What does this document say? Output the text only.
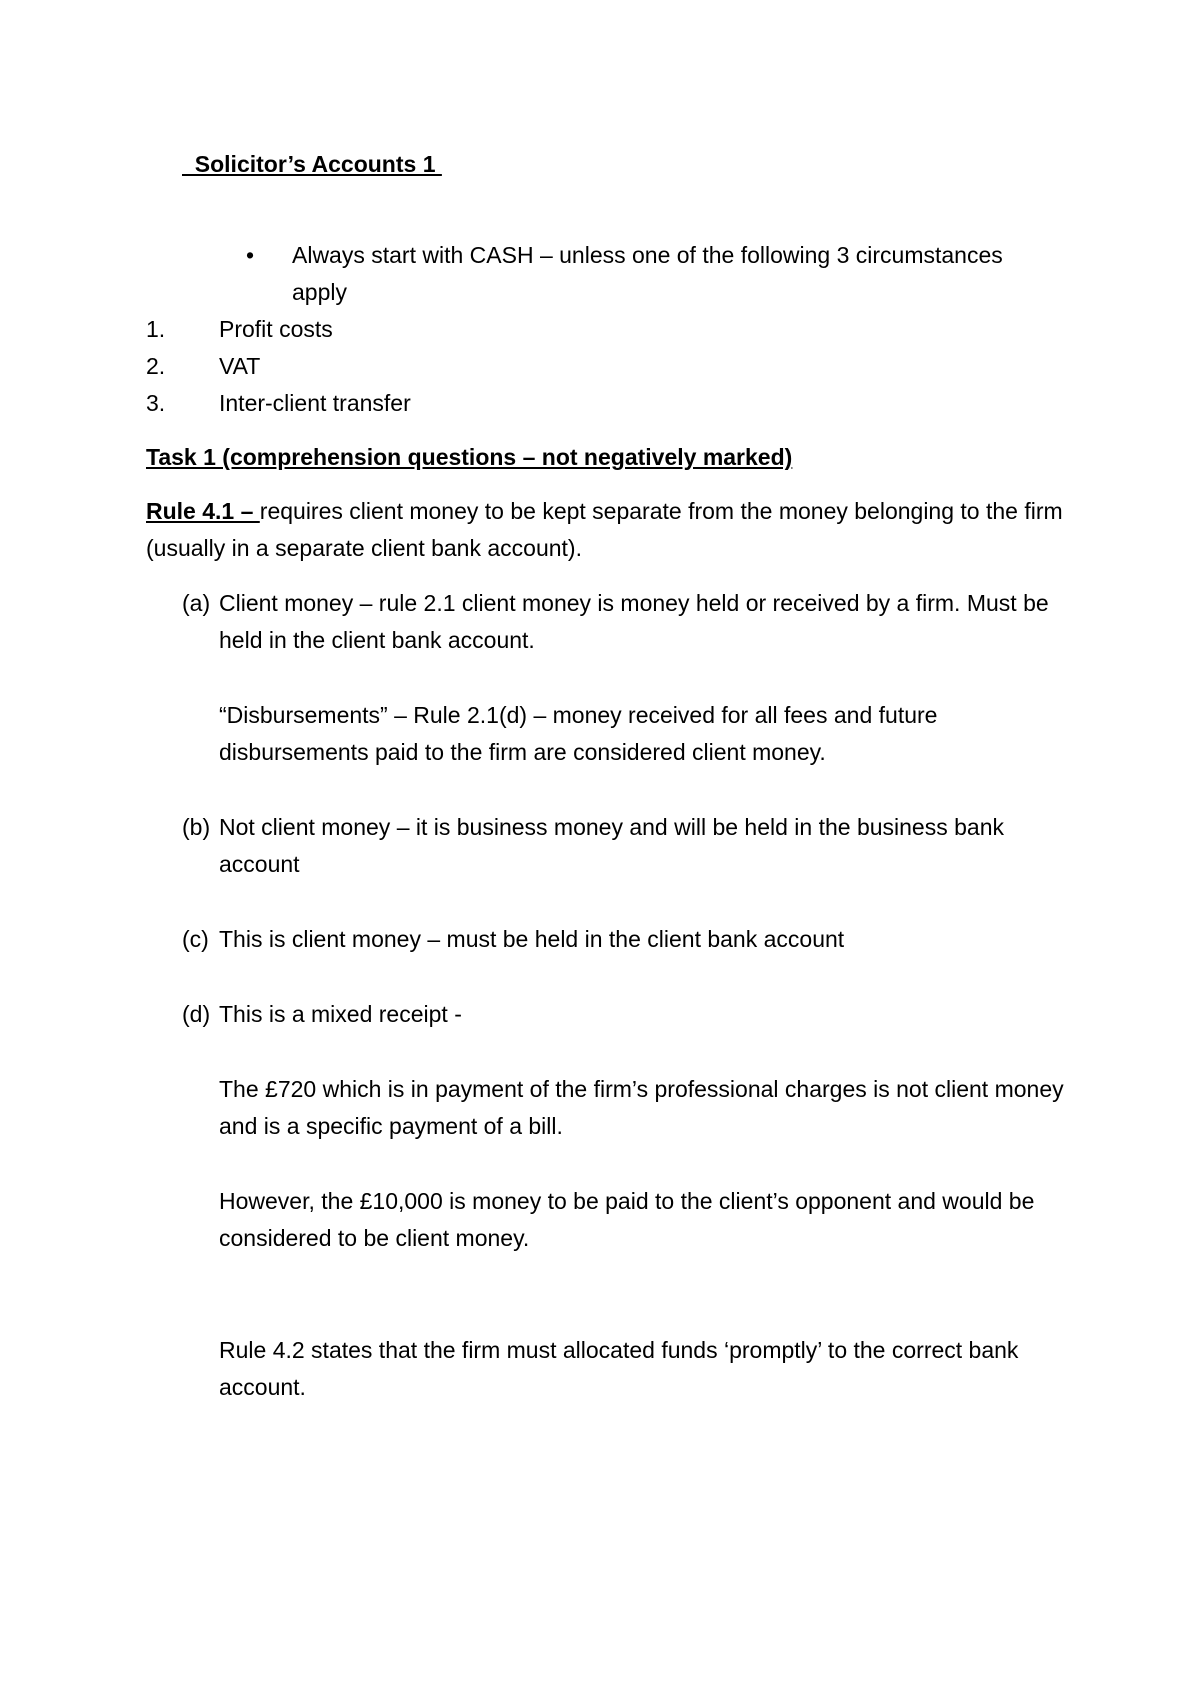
Solicitor’s Accounts 1
•	Always start with CASH – unless one of the following 3 circumstances apply
1.	Profit costs
2.	VAT
3.	Inter-client transfer
Task 1 (comprehension questions – not negatively marked)
Rule 4.1 – requires client money to be kept separate from the money belonging to the firm (usually in a separate client bank account).
(a) Client money – rule 2.1 client money is money held or received by a firm. Must be held in the client bank account.
“Disbursements” – Rule 2.1(d) – money received for all fees and future disbursements paid to the firm are considered client money.
(b) Not client money – it is business money and will be held in the business bank account
(c) This is client money – must be held in the client bank account
(d) This is a mixed receipt -
The £720 which is in payment of the firm’s professional charges is not client money and is a specific payment of a bill.
However, the £10,000 is money to be paid to the client’s opponent and would be considered to be client money.
Rule 4.2 states that the firm must allocated funds ‘promptly’ to the correct bank account.
